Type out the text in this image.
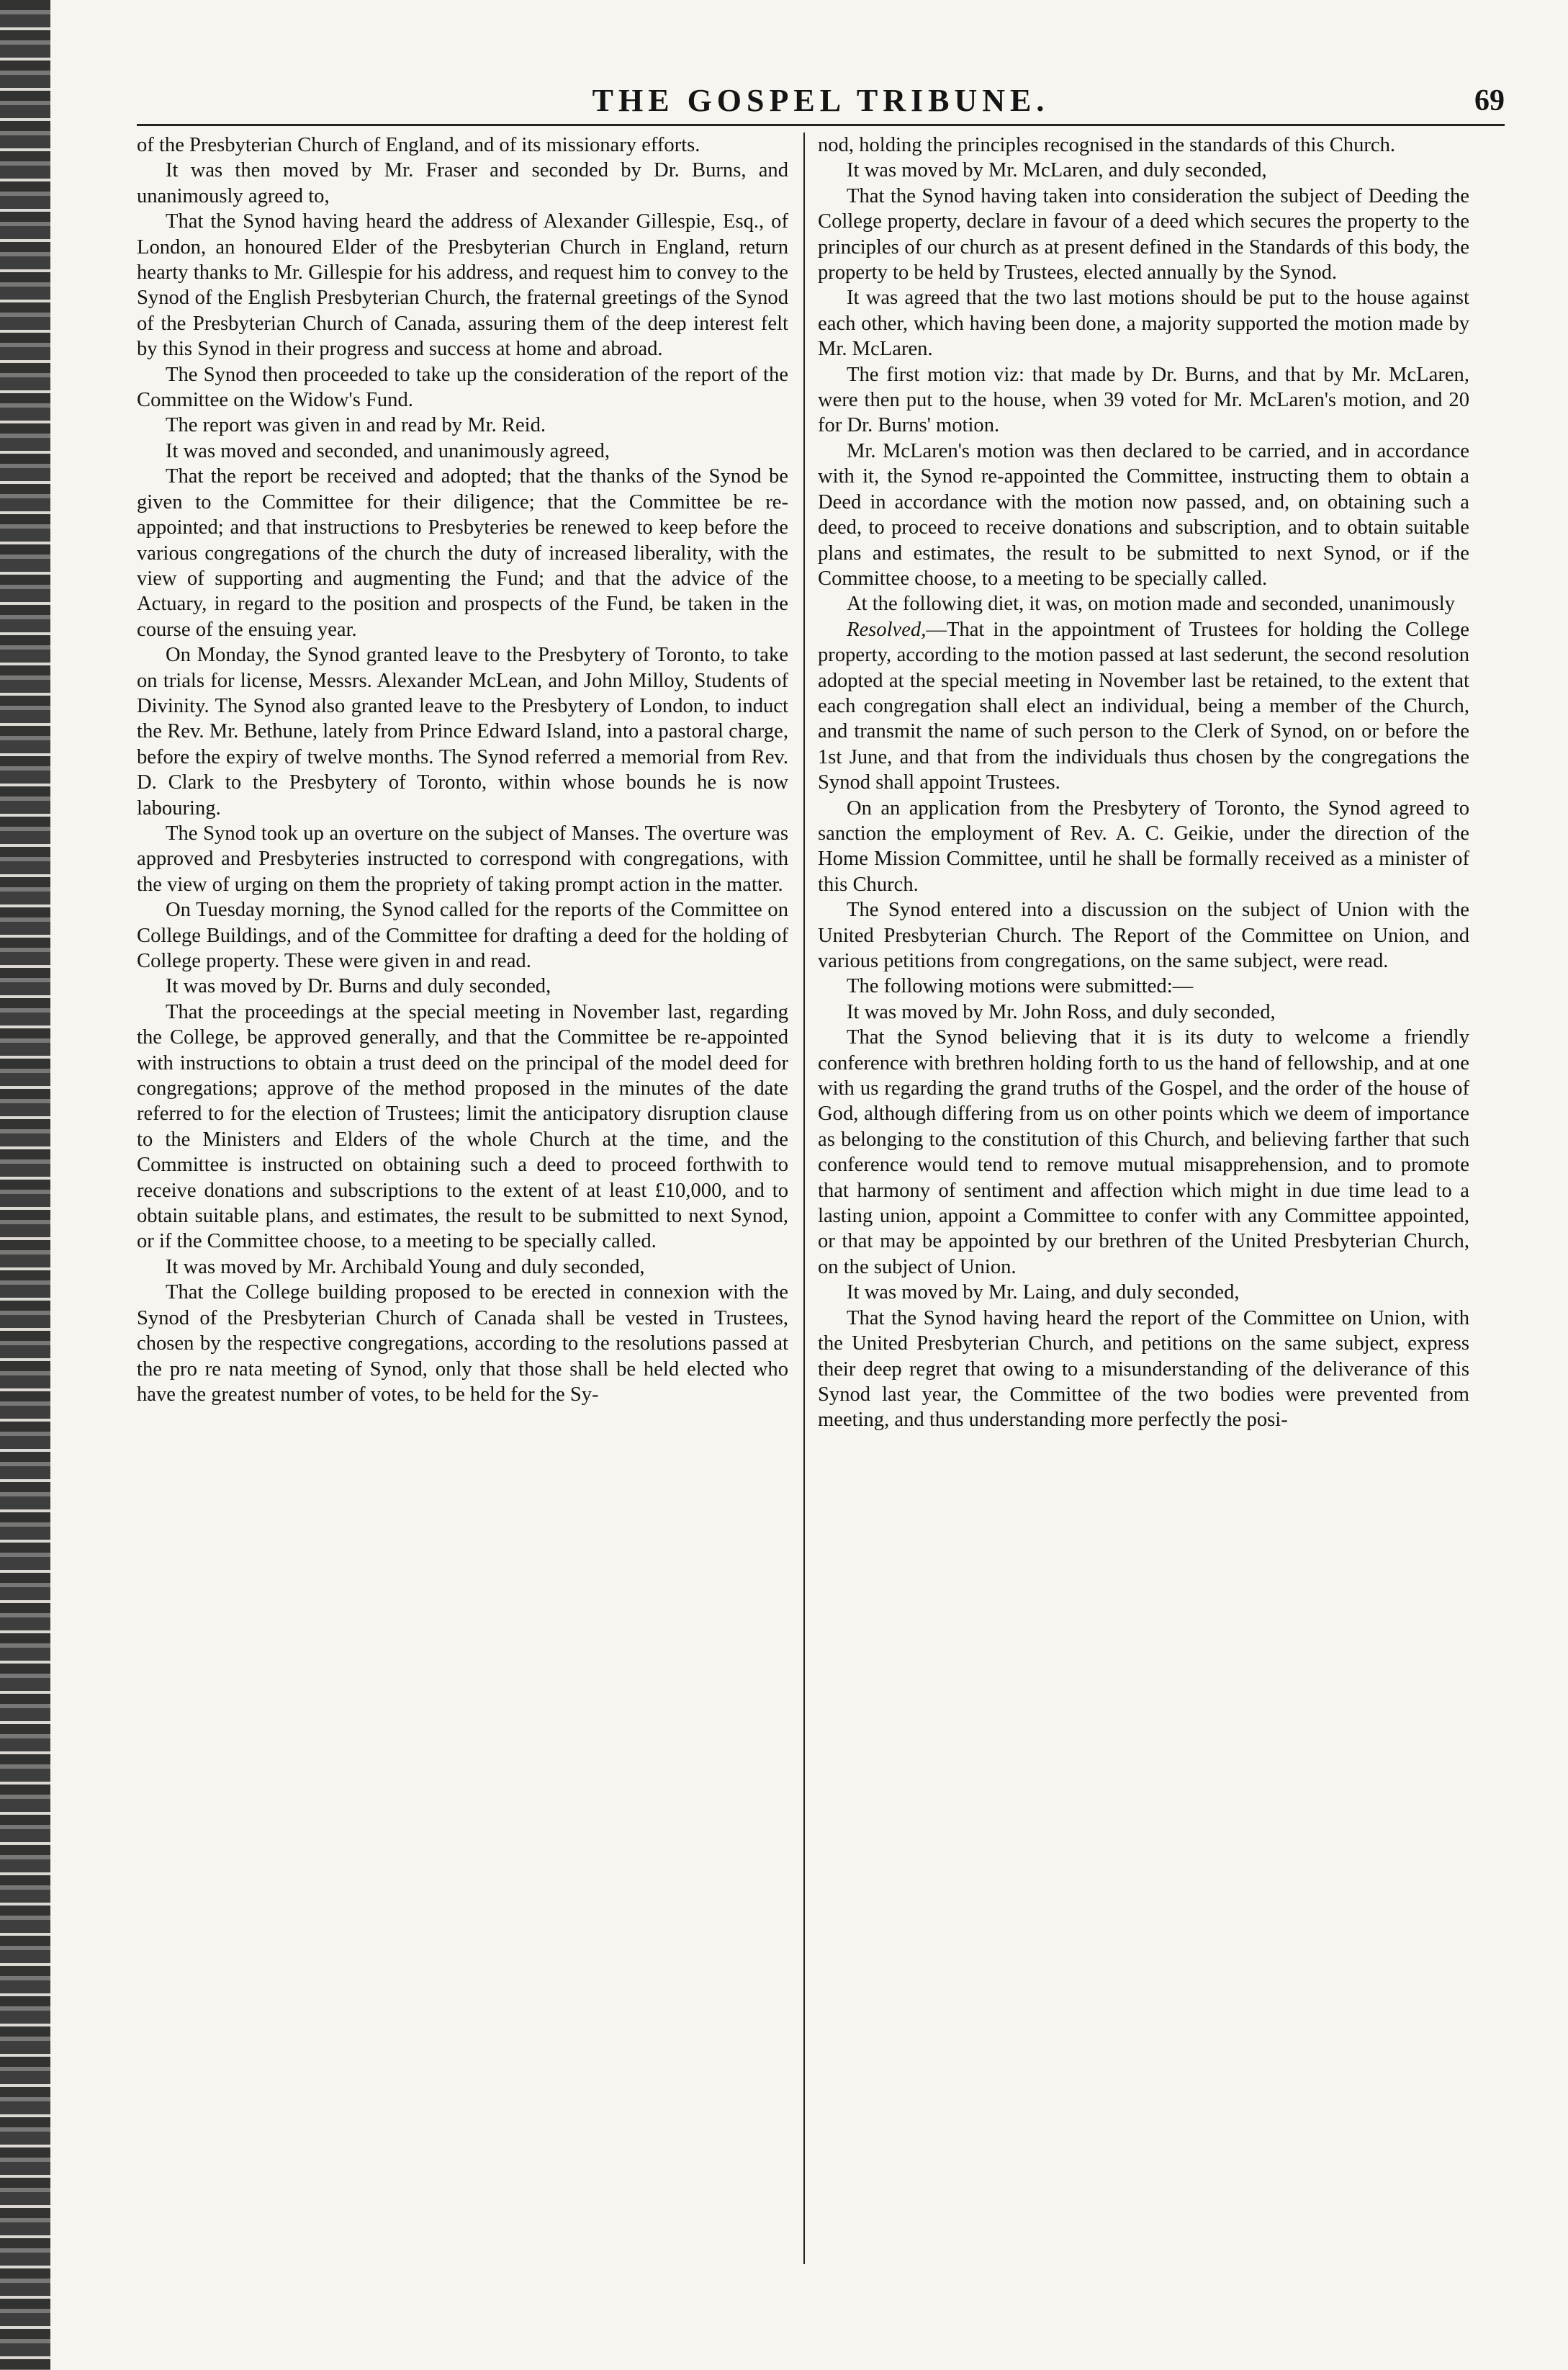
THE GOSPEL TRIBUNE.	69

of the Presbyterian Church of England, and of its missionary efforts.

It was then moved by Mr. Fraser and seconded by Dr. Burns, and unanimously agreed to,

That the Synod having heard the address of Alexander Gillespie, Esq., of London, an honoured Elder of the Presbyterian Church in England, return hearty thanks to Mr. Gillespie for his address, and request him to convey to the Synod of the English Presbyterian Church, the fraternal greetings of the Synod of the Presbyterian Church of Canada, assuring them of the deep interest felt by this Synod in their progress and success at home and abroad.

The Synod then proceeded to take up the consideration of the report of the Committee on the Widow's Fund.

The report was given in and read by Mr. Reid.

It was moved and seconded, and unanimously agreed,

That the report be received and adopted; that the thanks of the Synod be given to the Committee for their diligence; that the Committee be re-appointed; and that instructions to Presbyteries be renewed to keep before the various congregations of the church the duty of increased liberality, with the view of supporting and augmenting the Fund; and that the advice of the Actuary, in regard to the position and prospects of the Fund, be taken in the course of the ensuing year.

On Monday, the Synod granted leave to the Presbytery of Toronto, to take on trials for license, Messrs. Alexander McLean, and John Milloy, Students of Divinity. The Synod also granted leave to the Presbytery of London, to induct the Rev. Mr. Bethune, lately from Prince Edward Island, into a pastoral charge, before the expiry of twelve months. The Synod referred a memorial from Rev. D. Clark to the Presbytery of Toronto, within whose bounds he is now labouring.

The Synod took up an overture on the subject of Manses. The overture was approved and Presbyteries instructed to correspond with congregations, with the view of urging on them the propriety of taking prompt action in the matter.

On Tuesday morning, the Synod called for the reports of the Committee on College Buildings, and of the Committee for drafting a deed for the holding of College property. These were given in and read.

It was moved by Dr. Burns and duly seconded,

That the proceedings at the special meeting in November last, regarding the College, be approved generally, and that the Committee be re-appointed with instructions to obtain a trust deed on the principal of the model deed for congregations; approve of the method proposed in the minutes of the date referred to for the election of Trustees; limit the anticipatory disruption clause to the Ministers and Elders of the whole Church at the time, and the Committee is instructed on obtaining such a deed to proceed forthwith to receive donations and subscriptions to the extent of at least £10,000, and to obtain suitable plans, and estimates, the result to be submitted to next Synod, or if the Committee choose, to a meeting to be specially called.

It was moved by Mr. Archibald Young and duly seconded,

That the College building proposed to be erected in connexion with the Synod of the Presbyterian Church of Canada shall be vested in Trustees, chosen by the respective congregations, according to the resolutions passed at the pro re nata meeting of Synod, only that those shall be held elected who have the greatest number of votes, to be held for the Sy-

nod, holding the principles recognised in the standards of this Church.

It was moved by Mr. McLaren, and duly seconded,

That the Synod having taken into consideration the subject of Deeding the College property, declare in favour of a deed which secures the property to the principles of our church as at present defined in the Standards of this body, the property to be held by Trustees, elected annually by the Synod.

It was agreed that the two last motions should be put to the house against each other, which having been done, a majority supported the motion made by Mr. McLaren.

The first motion viz: that made by Dr. Burns, and that by Mr. McLaren, were then put to the house, when 39 voted for Mr. McLaren's motion, and 20 for Dr. Burns' motion.

Mr. McLaren's motion was then declared to be carried, and in accordance with it, the Synod re-appointed the Committee, instructing them to obtain a Deed in accordance with the motion now passed, and, on obtaining such a deed, to proceed to receive donations and subscription, and to obtain suitable plans and estimates, the result to be submitted to next Synod, or if the Committee choose, to a meeting to be specially called.

At the following diet, it was, on motion made and seconded, unanimously

Resolved,—That in the appointment of Trustees for holding the College property, according to the motion passed at last sederunt, the second resolution adopted at the special meeting in November last be retained, to the extent that each congregation shall elect an individual, being a member of the Church, and transmit the name of such person to the Clerk of Synod, on or before the 1st June, and that from the individuals thus chosen by the congregations the Synod shall appoint Trustees.

On an application from the Presbytery of Toronto, the Synod agreed to sanction the employment of Rev. A. C. Geikie, under the direction of the Home Mission Committee, until he shall be formally received as a minister of this Church.

The Synod entered into a discussion on the subject of Union with the United Presbyterian Church. The Report of the Committee on Union, and various petitions from congregations, on the same subject, were read.

The following motions were submitted:—

It was moved by Mr. John Ross, and duly seconded,

That the Synod believing that it is its duty to welcome a friendly conference with brethren holding forth to us the hand of fellowship, and at one with us regarding the grand truths of the Gospel, and the order of the house of God, although differing from us on other points which we deem of importance as belonging to the constitution of this Church, and believing farther that such conference would tend to remove mutual misapprehension, and to promote that harmony of sentiment and affection which might in due time lead to a lasting union, appoint a Committee to confer with any Committee appointed, or that may be appointed by our brethren of the United Presbyterian Church, on the subject of Union.

It was moved by Mr. Laing, and duly seconded,

That the Synod having heard the report of the Committee on Union, with the United Presbyterian Church, and petitions on the same subject, express their deep regret that owing to a misunderstanding of the deliverance of this Synod last year, the Committee of the two bodies were prevented from meeting, and thus understanding more perfectly the posi-
